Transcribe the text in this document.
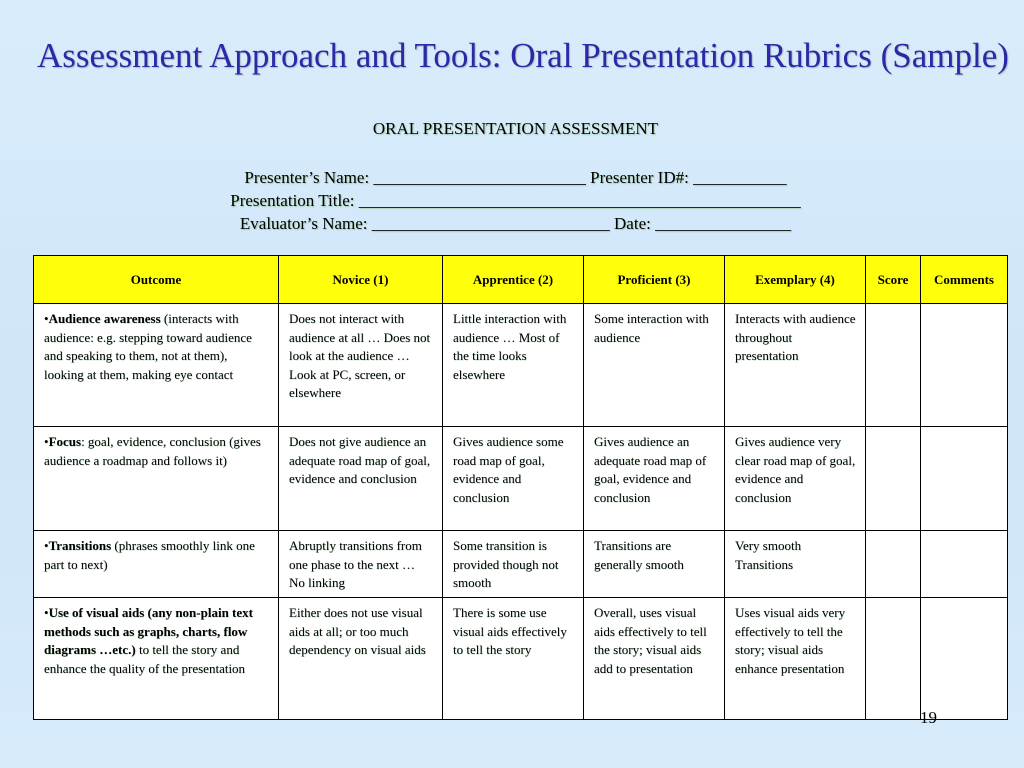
Assessment Approach and Tools: Oral Presentation Rubrics (Sample)
ORAL PRESENTATION ASSESSMENT
Presenter’s Name: _________________________ Presenter ID#: ___________
Presentation Title: ____________________________________________________
Evaluator’s Name: ____________________________ Date: ________________
Outcome	Novice (1)	Apprentice (2)	Proficient (3)	Exemplary (4)	Score	Comments
•Audience awareness (interacts with audience: e.g. stepping toward audience and speaking to them, not at them), looking at them, making eye contact	Does not interact with audience at all … Does not look at the audience … Look at PC, screen, or elsewhere	Little interaction with audience … Most of the time looks elsewhere	Some interaction with audience	Interacts with audience throughout presentation		
•Focus: goal, evidence, conclusion (gives audience a roadmap and follows it)	Does not give audience an adequate road map of goal, evidence and conclusion	Gives audience some road map of goal, evidence and conclusion	Gives audience an adequate road map of goal, evidence and conclusion	Gives audience very clear road map of goal, evidence and conclusion		
•Transitions (phrases smoothly link one part to next)	Abruptly transitions from one phase to the next … No linking	Some transition is provided though not smooth	Transitions are generally smooth	Very smooth Transitions		
•Use of visual aids (any non-plain text methods such as graphs, charts, flow diagrams …etc.) to tell the story and enhance the quality of the presentation	Either does not use visual aids at all; or too much dependency on visual aids	There is some use visual aids effectively to tell the story	Overall, uses visual aids effectively to tell the story; visual aids add to presentation	Uses visual aids very effectively to tell the story; visual aids enhance presentation		
19
